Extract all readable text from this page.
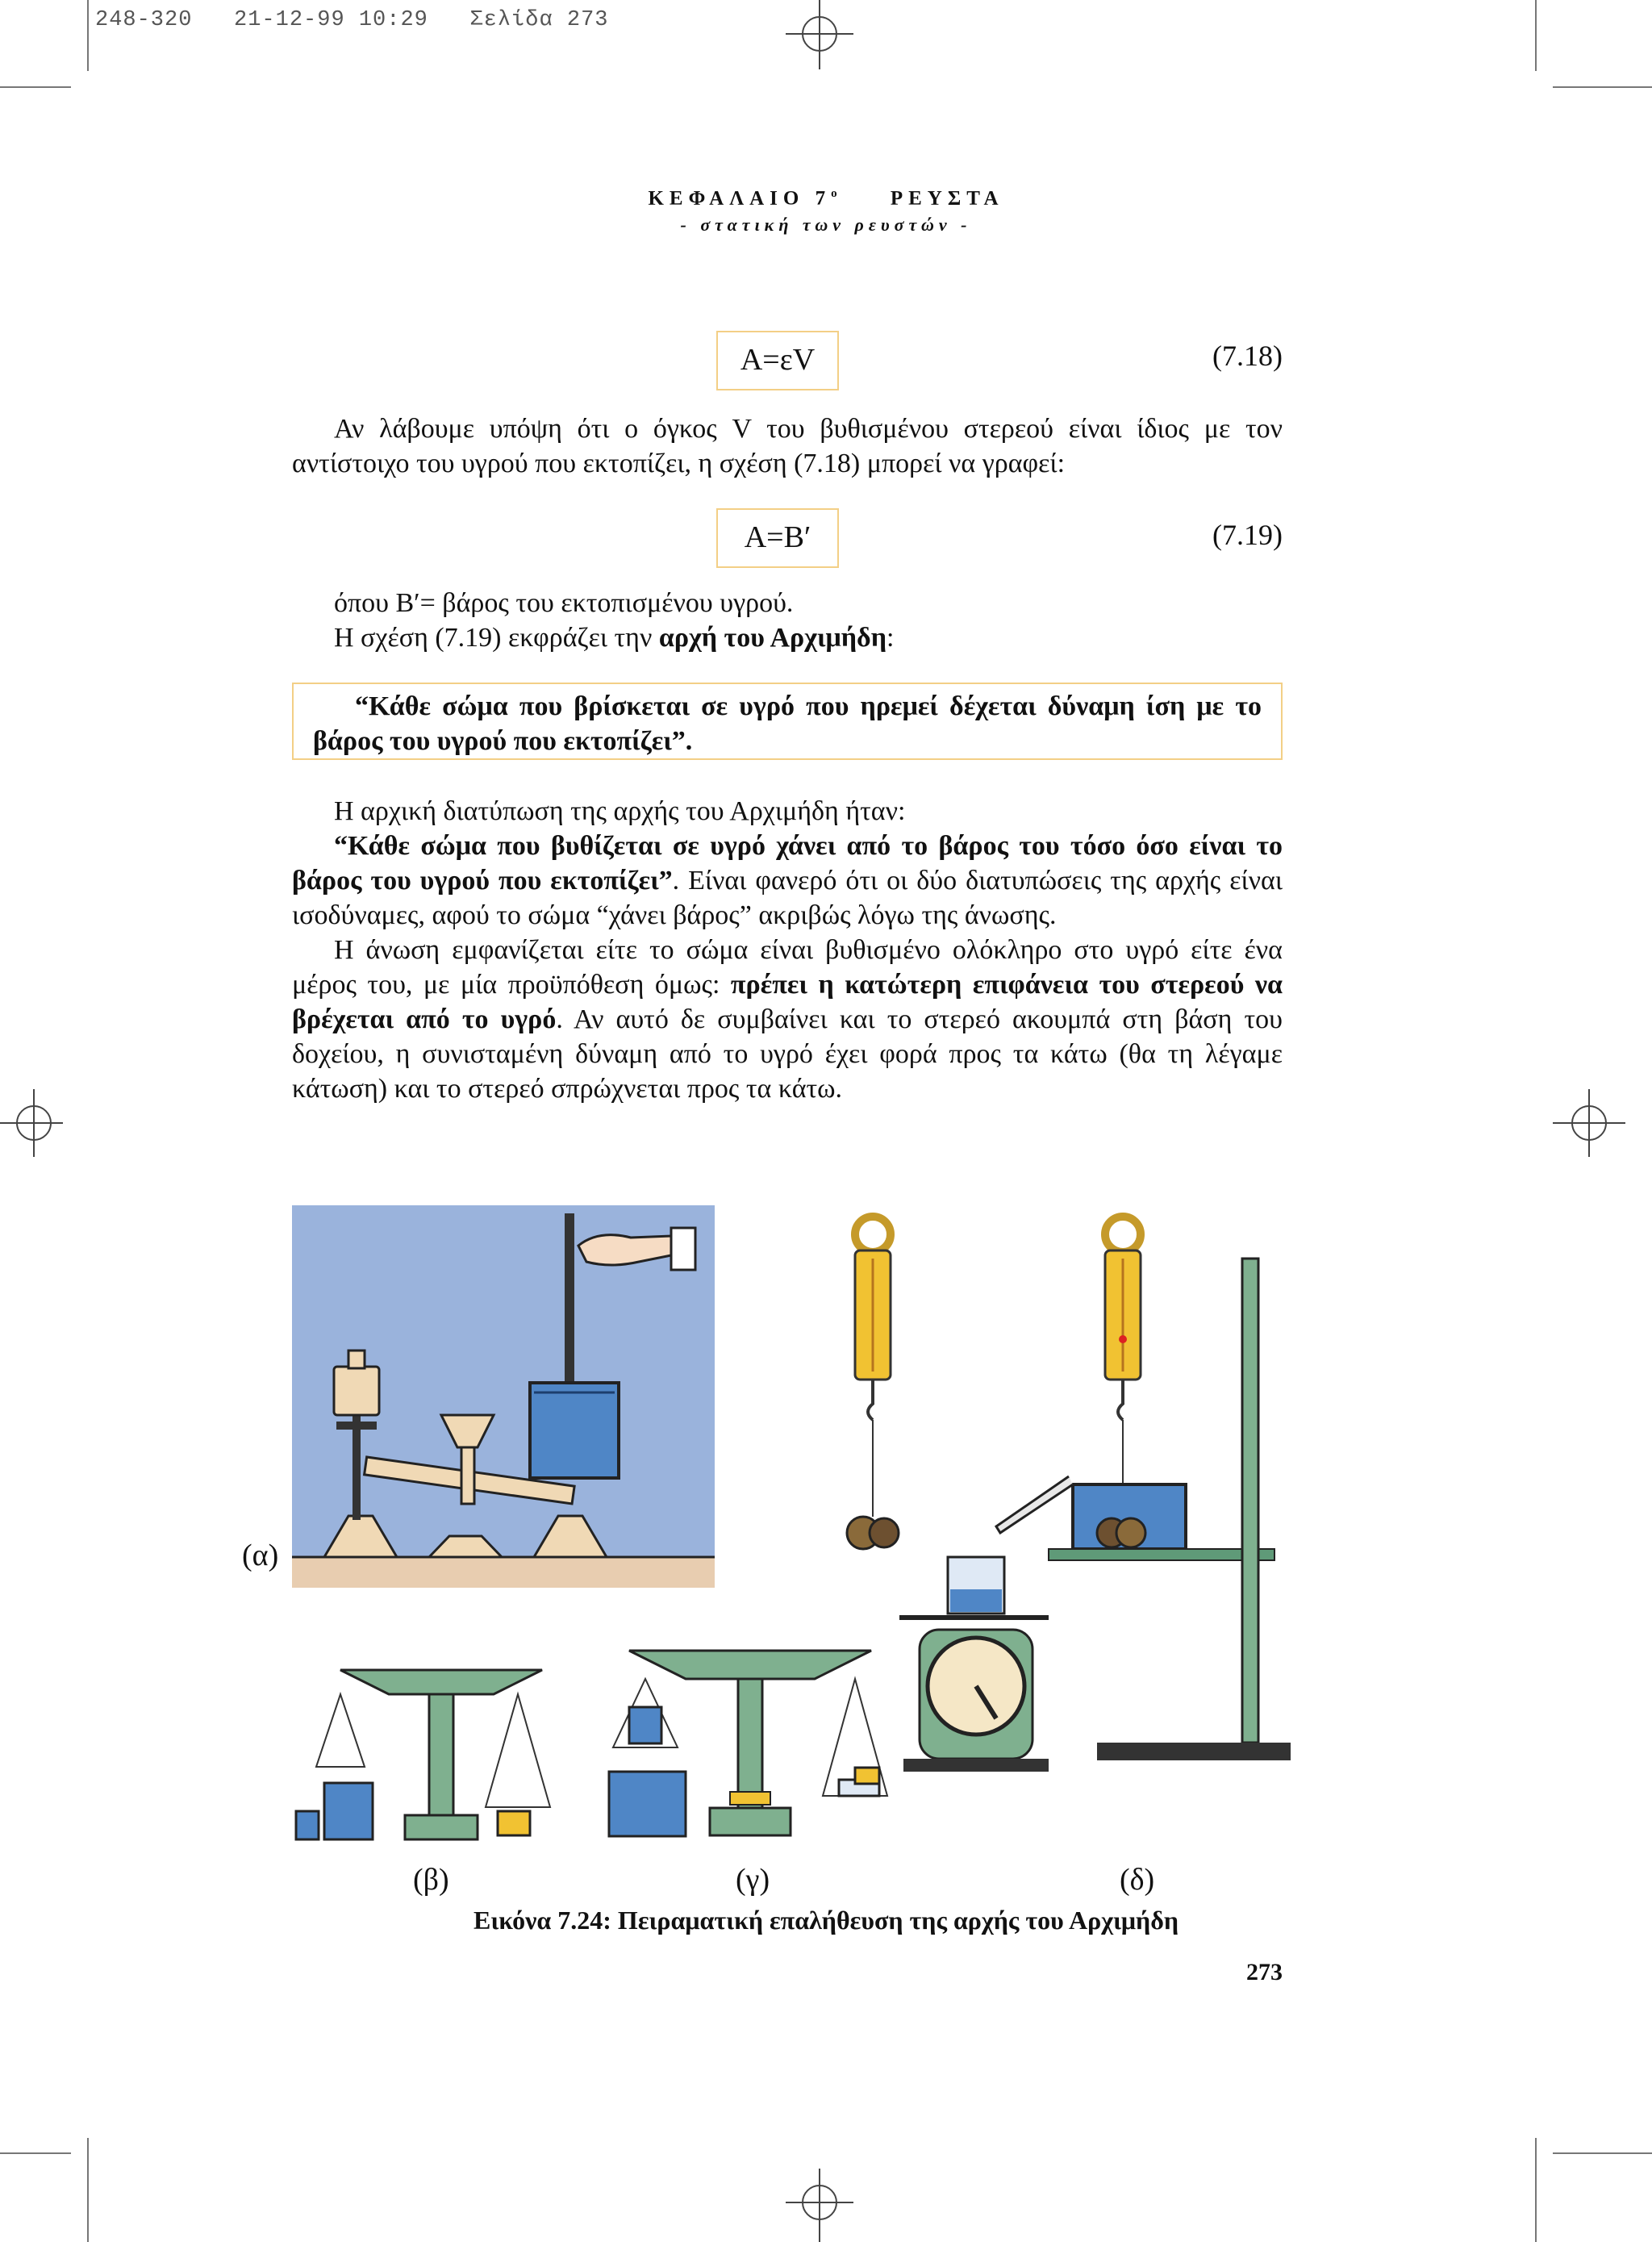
248-320 21-12-99 10:29 Σελίδα 273
ΚΕΦΑΛΑΙΟ $7^o$	ΡΕΥΣΤΑ
- στατική των ρευστών -
A=εV	(7.18)

Αν λάβουμε υπόψη ότι ο όγκος V του βυθισμένου στερεού είναι ίδιος με τον αντίστοιχο του υγρού που εκτοπίζει, η σχέση (7.18) μπορεί να γραφεί:

A=B′	(7.19)

όπου B′= βάρος του εκτοπισμένου υγρού.

Η σχέση (7.19) εκφράζει την αρχή του Αρχιμήδη:

“Κάθε σώμα που βρίσκεται σε υγρό που ηρεμεί δέχεται δύναμη ίση με το βάρος του υγρού που εκτοπίζει”.

Η αρχική διατύπωση της αρχής του Αρχιμήδη ήταν:

“Κάθε σώμα που βυθίζεται σε υγρό χάνει από το βάρος του τόσο όσο είναι το βάρος του υγρού που εκτοπίζει”. Είναι φανερό ότι οι δύο διατυπώσεις της αρχής είναι ισοδύναμες, αφού το σώμα “χάνει βάρος” ακριβώς λόγω της άνωσης.

Η άνωση εμφανίζεται είτε το σώμα είναι βυθισμένο ολόκληρο στο υγρό είτε ένα μέρος του, με μία προϋπόθεση όμως: πρέπει η κατώτερη επιφάνεια του στερεού να βρέχεται από το υγρό. Αν αυτό δε συμβαίνει και το στερεό ακουμπά στη βάση του δοχείου, η συνισταμένη δύναμη από το υγρό έχει φορά προς τα κάτω (θα τη λέγαμε κάτωση) και το στερεό σπρώχνεται προς τα κάτω.

(α)
(β)	(γ)	(δ)
Εικόνα 7.24: Πειραματική επαλήθευση της αρχής του Αρχιμήδη
273
